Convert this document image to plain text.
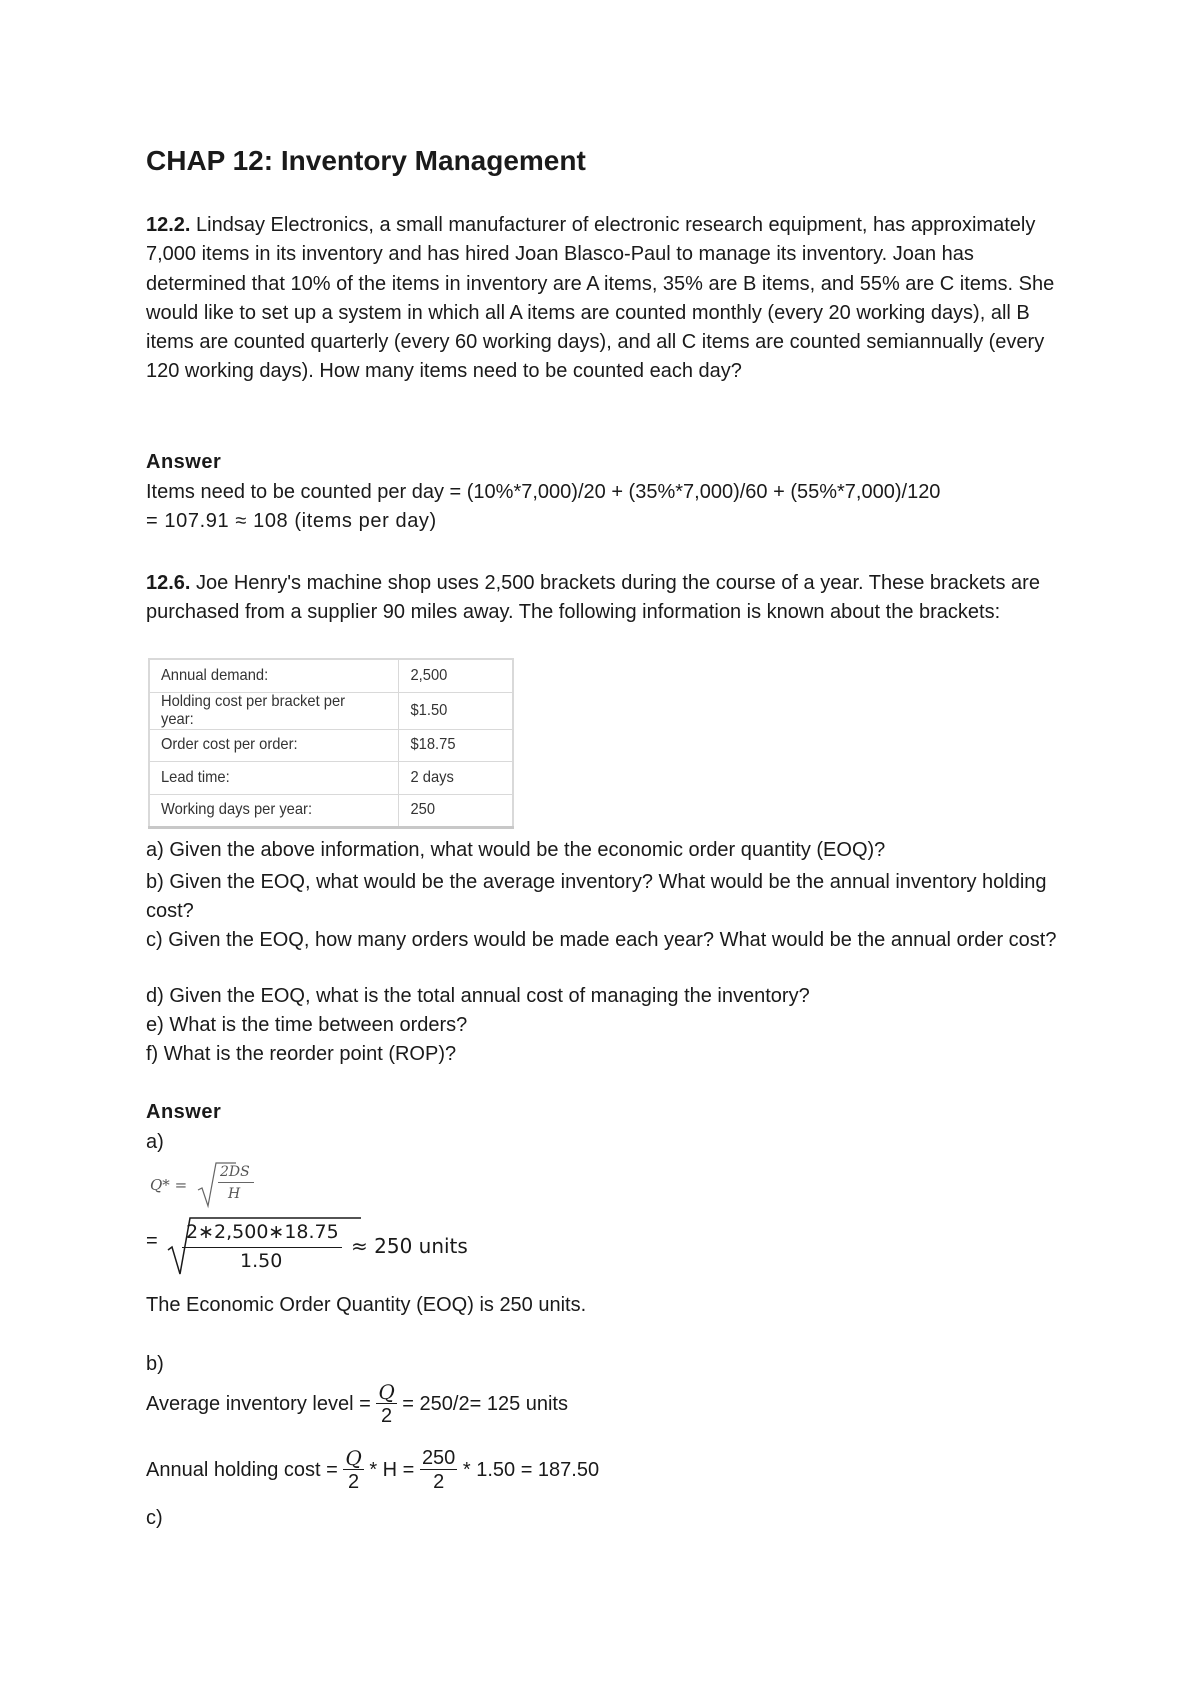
CHAP 12: Inventory Management
12.2. Lindsay Electronics, a small manufacturer of electronic research equipment, has approximately 7,000 items in its inventory and has hired Joan Blasco-Paul to manage its inventory. Joan has determined that 10% of the items in inventory are A items, 35% are B items, and 55% are C items. She would like to set up a system in which all A items are counted monthly (every 20 working days), all B items are counted quarterly (every 60 working days), and all C items are counted semiannually (every 120 working days). How many items need to be counted each day?
Answer
Items need to be counted per day = (10%*7,000)/20 + (35%*7,000)/60 + (55%*7,000)/120
= 107.91 ≈ 108 (items per day)
12.6. Joe Henry's machine shop uses 2,500 brackets during the course of a year. These brackets are purchased from a supplier 90 miles away. The following information is known about the brackets:
Annual demand:	2,500
Holding cost per bracket per year:	$1.50
Order cost per order:	$18.75
Lead time:	2 days
Working days per year:	250
a) Given the above information, what would be the economic order quantity (EOQ)?
b) Given the EOQ, what would be the average inventory? What would be the annual inventory holding cost?
c) Given the EOQ, how many orders would be made each year? What would be the annual order cost?
d) Given the EOQ, what is the total annual cost of managing the inventory?
e) What is the time between orders?
f) What is the reorder point (ROP)?
Answer
a)
Q* =
2DS
H
= 2∗2,500∗18.75
1.50
≈ 250 units
The Economic Order Quantity (EOQ) is 250 units.
b)
Average inventory level =
$\frac{Q}{2}$
= 250/2= 125 units
Annual holding cost =
$\frac{Q}{2}$
* H =
$\frac{250}{2}$
* 1.50 = 187.50
c)
